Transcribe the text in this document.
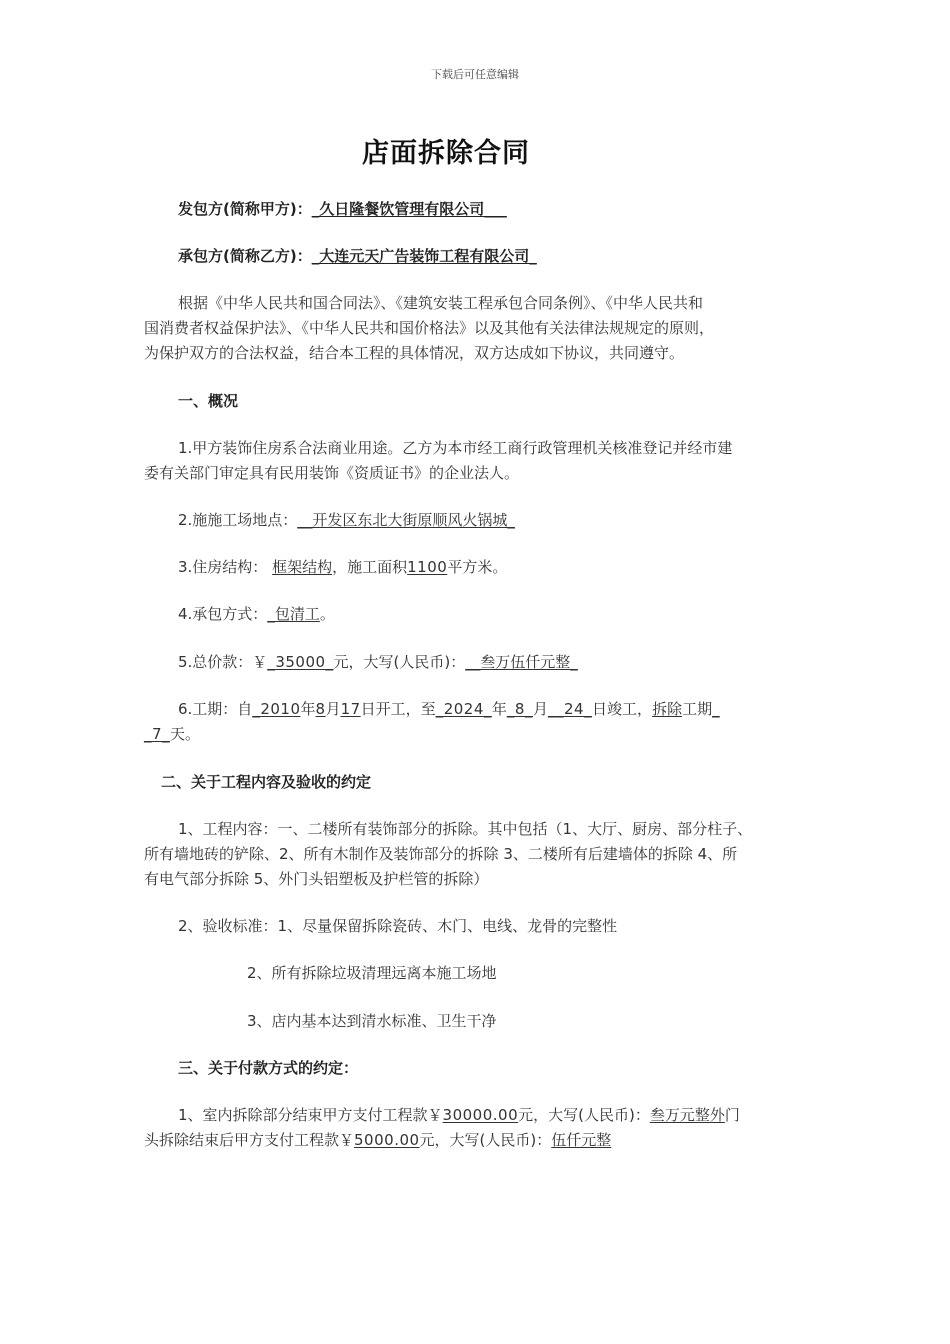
下载后可任意编辑
店面拆除合同
发包方(简称甲方)：_久日隆餐饮管理有限公司___
承包方(简称乙方)：_大连元天广告装饰工程有限公司_
根据《中华人民共和国合同法》、《建筑安装工程承包合同条例》、《中华人民共和
国消费者权益保护法》、《中华人民共和国价格法》以及其他有关法律法规规定的原则，
为保护双方的合法权益，结合本工程的具体情况，双方达成如下协议，共同遵守。
一、概况
1.甲方装饰住房系合法商业用途。乙方为本市经工商行政管理机关核准登记并经市建
委有关部门审定具有民用装饰《资质证书》的企业法人。
2.施施工场地点：__开发区东北大街原顺风火锅城_
3.住房结构： 框架结构，施工面积1100平方米。
4.承包方式：_包清工。
5.总价款：￥_35000_元，大写(人民币)：__叁万伍仟元整_
6.工期：自_2010年8月17日开工，至_2024_年_8_月__24_日竣工，拆除工期_
_7_天。
二、关于工程内容及验收的约定
1、工程内容：一、二楼所有装饰部分的拆除。其中包括（1、大厅、厨房、部分柱子、
所有墙地砖的铲除、2、所有木制作及装饰部分的拆除 3、二楼所有后建墙体的拆除 4、所
有电气部分拆除 5、外门头铝塑板及护栏管的拆除）
2、验收标准：1、尽量保留拆除瓷砖、木门、电线、龙骨的完整性
2、所有拆除垃圾清理远离本施工场地
3、店内基本达到清水标准、卫生干净
三、关于付款方式的约定：
1、室内拆除部分结束甲方支付工程款￥30000.00元，大写(人民币)：叁万元整外门
头拆除结束后甲方支付工程款￥5000.00元，大写(人民币)：伍仟元整
